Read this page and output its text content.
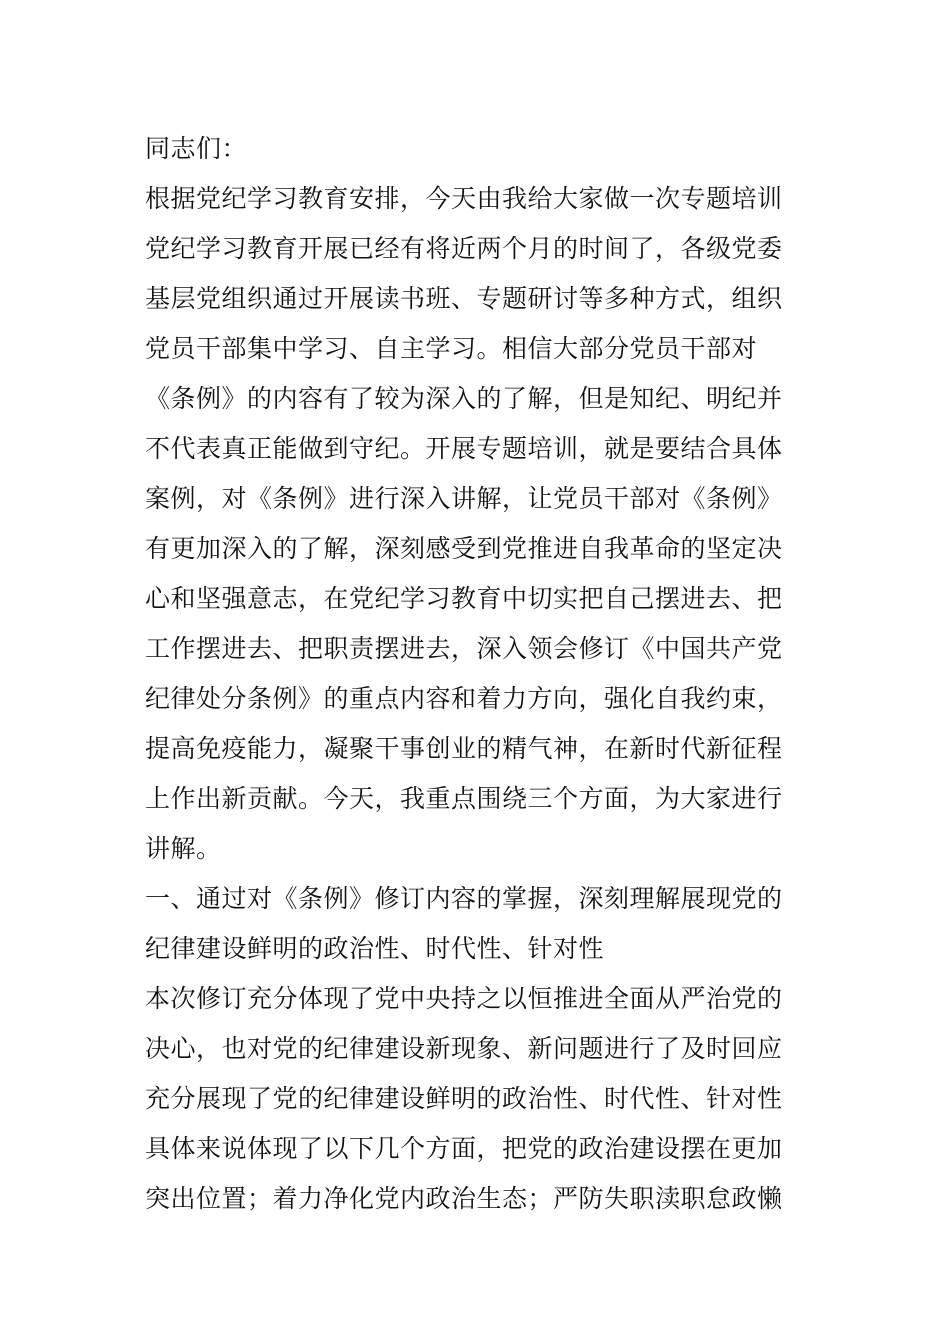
同志们：
根据党纪学习教育安排，今天由我给大家做一次专题培训
党纪学习教育开展已经有将近两个月的时间了，各级党委
基层党组织通过开展读书班、专题研讨等多种方式，组织
党员干部集中学习、自主学习。相信大部分党员干部对
《条例》的内容有了较为深入的了解，但是知纪、明纪并
不代表真正能做到守纪。开展专题培训，就是要结合具体
案例，对《条例》进行深入讲解，让党员干部对《条例》
有更加深入的了解，深刻感受到党推进自我革命的坚定决
心和坚强意志，在党纪学习教育中切实把自己摆进去、把
工作摆进去、把职责摆进去，深入领会修订《中国共产党
纪律处分条例》的重点内容和着力方向，强化自我约束，
提高免疫能力，凝聚干事创业的精气神，在新时代新征程
上作出新贡献。今天，我重点围绕三个方面，为大家进行
讲解。
一、通过对《条例》修订内容的掌握，深刻理解展现党的
纪律建设鲜明的政治性、时代性、针对性
本次修订充分体现了党中央持之以恒推进全面从严治党的
决心，也对党的纪律建设新现象、新问题进行了及时回应
充分展现了党的纪律建设鲜明的政治性、时代性、针对性
具体来说体现了以下几个方面，把党的政治建设摆在更加
突出位置；着力净化党内政治生态；严防失职渎职怠政懒
